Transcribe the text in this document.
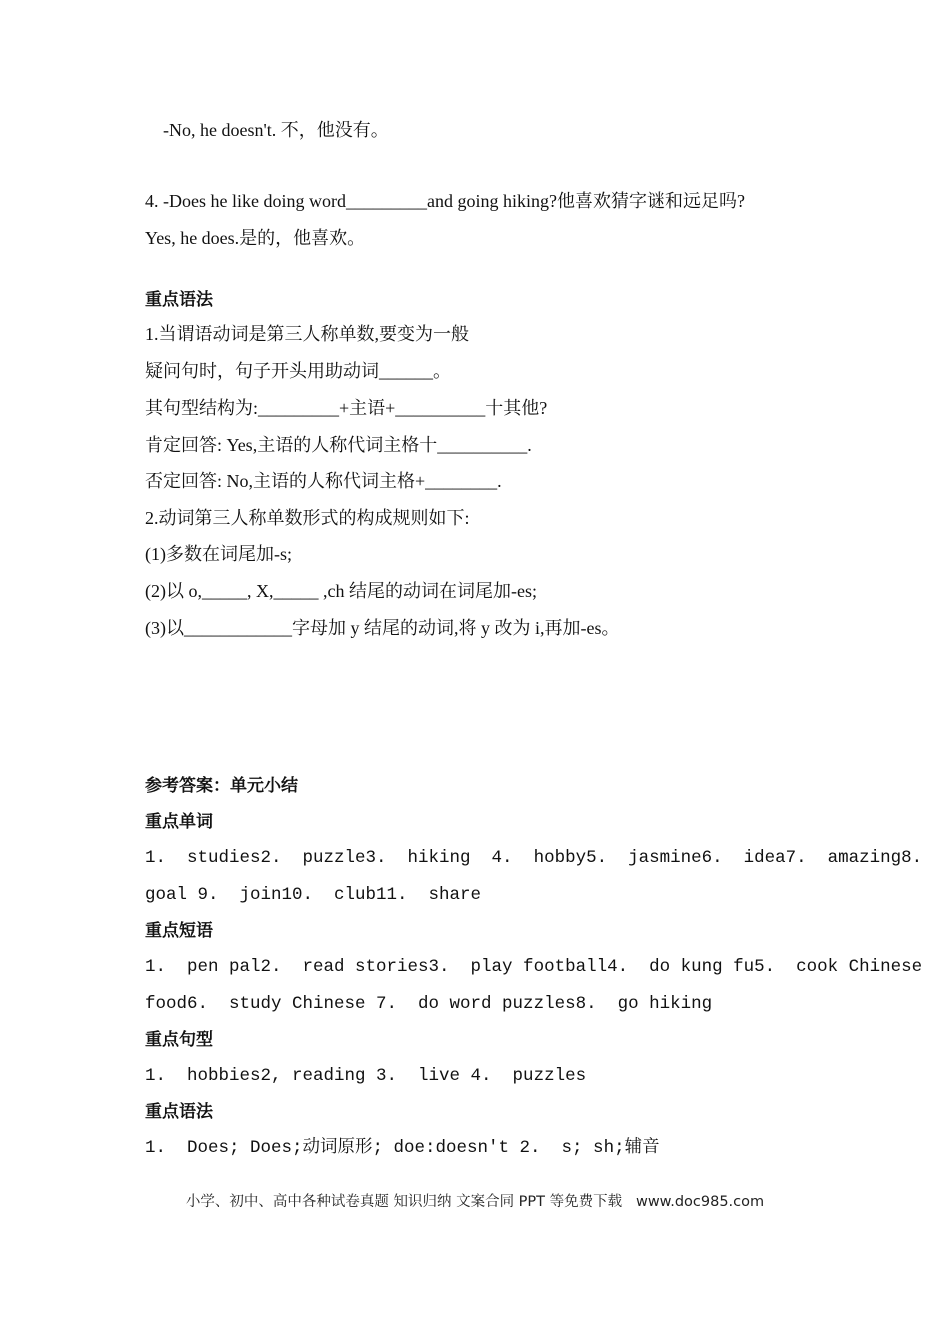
-No, he doesn't. 不，他没有。
4. -Does he like doing word_________and going hiking?他喜欢猜字谜和远足吗?
Yes, he does.是的，他喜欢。
重点语法
1.当谓语动词是第三人称单数,要变为一般
疑问句时，句子开头用助动词______。
其句型结构为:_________+主语+__________十其他?
肯定回答: Yes,主语的人称代词主格十__________.
否定回答: No,主语的人称代词主格+________.
2.动词第三人称单数形式的构成规则如下:
(1)多数在词尾加-s;
(2)以 o,_____, X,_____ ,ch 结尾的动词在词尾加-es;
(3)以____________字母加 y 结尾的动词,将 y 改为 i,再加-es。
参考答案：单元小结
重点单词
1.  studies2.  puzzle3.  hiking  4.  hobby5.  jasmine6.  idea7.  amazing8.
goal 9.  join10.  club11.  share
重点短语
1.  pen pal2.  read stories3.  play football4.  do kung fu5.  cook Chinese
food6.  study Chinese 7.  do word puzzles8.  go hiking
重点句型
1.  hobbies2, reading 3.  live 4.  puzzles
重点语法
1.  Does; Does;动词原形; doe:doesn't 2.  s; sh;辅音
小学、初中、高中各种试卷真题 知识归纳 文案合同 PPT 等免费下载   www.doc985.com
